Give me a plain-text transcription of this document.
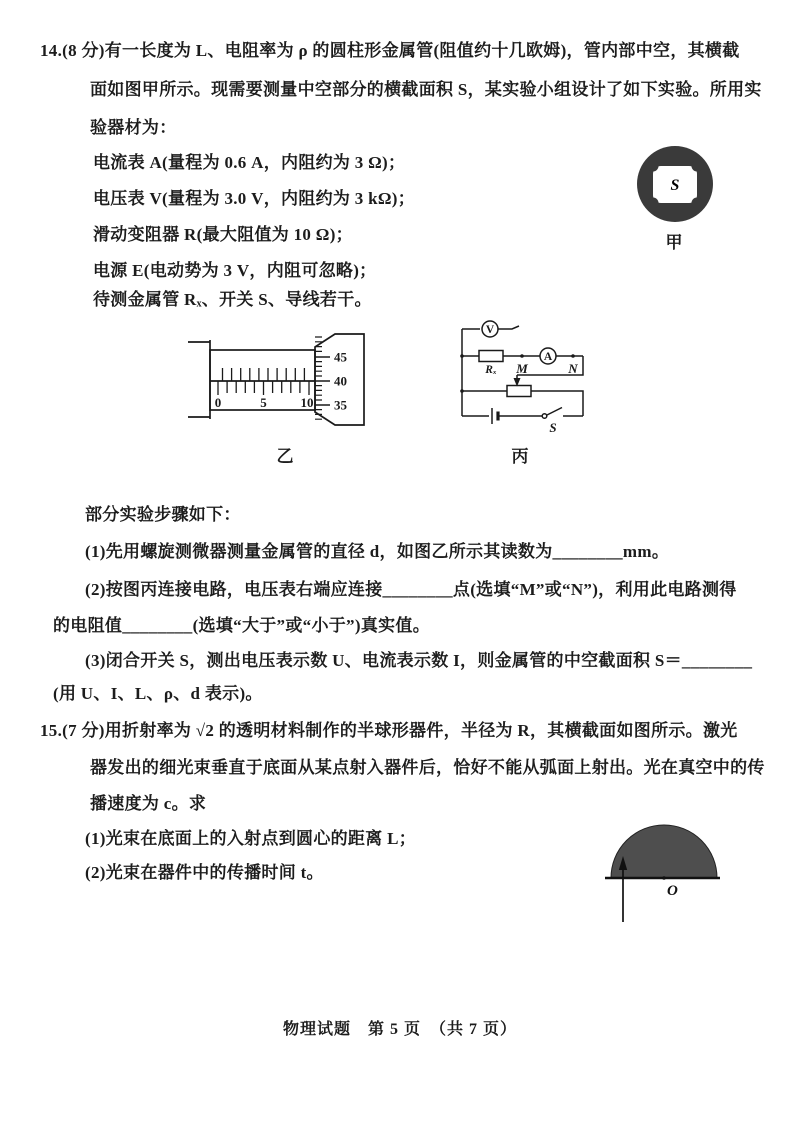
14.(8 分)有一长度为 L、电阻率为 ρ 的圆柱形金属管(阻值约十几欧姆)，管内部中空，其横截
面如图甲所示。现需要测量中空部分的横截面积 S，某实验小组设计了如下实验。所用实
验器材为：
电流表 A(量程为 0.6 A，内阻约为 3 Ω)；
电压表 V(量程为 3.0 V，内阻约为 3 kΩ)；
滑动变阻器 R(最大阻值为 10 Ω)；
电源 E(电动势为 3 V，内阻可忽略)；
待测金属管 Rₓ、开关 S、导线若干。
S
甲
0	5	10
45
40
35
乙
V
A
Rₓ M	N
S
丙
部分实验步骤如下：
(1)先用螺旋测微器测量金属管的直径 d，如图乙所示其读数为________mm。
(2)按图丙连接电路，电压表右端应连接________点(选填“M”或“N”)，利用此电路测得
的电阻值________(选填“大于”或“小于”)真实值。
(3)闭合开关 S，测出电压表示数 U、电流表示数 I，则金属管的中空截面积 S＝________
(用 U、I、L、ρ、d 表示)。
15.(7 分)用折射率为 √2 的透明材料制作的半球形器件，半径为 R，其横截面如图所示。激光
器发出的细光束垂直于底面从某点射入器件后，恰好不能从弧面上射出。光在真空中的传
播速度为 c。求
(1)光束在底面上的入射点到圆心的距离 L；
(2)光束在器件中的传播时间 t。
O
物理试题　第 5 页　（共 7 页）
